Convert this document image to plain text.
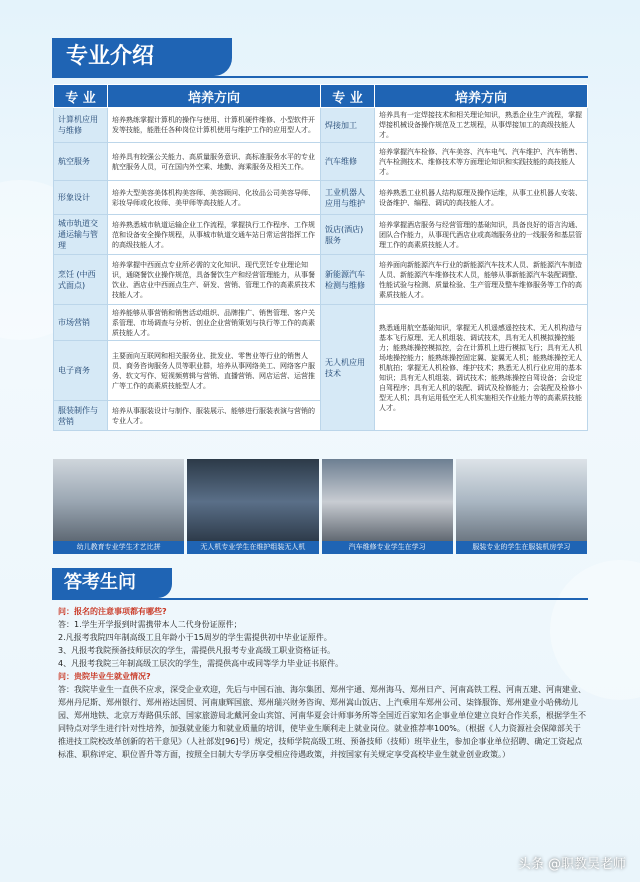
专业介绍
专 业	培养方向	专 业	培养方向
计算机应用与维修	培养熟练掌握计算机的操作与使用、计算机硬件维修、小型软件开发等技能，能胜任各种岗位计算机使用与维护工作的应用型人才。	焊接加工	培养具有一定焊接技术和相关理论知识，熟悉企业生产流程，掌握焊接机械设备操作规范及工艺规程，从事焊接加工的高级技能人才。
航空服务	培养具有较强公关能力、高质量服务意识、高标准服务水平的专业航空服务人员，可在国内外空乘、地勤、海乘服务及相关工作。	汽车维修	培养掌握汽车检修、汽车美容、汽车电气、汽车维护、汽车销售、汽车检测技术、维修技术等方面理论知识和实践技能的高技能人才。
形象设计	培养大型美容美体机构美容师、美容顾问、化妆品公司美容导师、彩妆导师或化妆师、美甲师等高技能人才。	工业机器人应用与维护	培养熟悉工业机器人结构原理及操作运维，从事工业机器人安装、设备维护、编程、调试的高技能人才。
城市轨道交通运输与管理	培养熟悉城市轨道运输企业工作流程，掌握执行工作程序、工作规范和设备安全操作规程，从事城市轨道交通车站日常运营指挥工作的高级技能人才。	饭店(酒店)服务	培养掌握酒店服务与经营管理的基础知识，具备良好的语言沟通、团队合作能力，从事现代酒店业或高端服务业的一线服务和基层管理工作的高素质技能人才。
烹饪 (中西式面点)	培养掌握中西面点专业所必需的文化知识、现代烹饪专业理论知识，通晓餐饮业操作规范，具备餐饮生产和经营管理能力，从事餐饮业、酒店业中西面点生产、研发、营销、管理工作的高素质技术技能人才。	新能源汽车检测与维修	培养面向新能源汽车行业的新能源汽车技术人员、新能源汽车制造人员、新能源汽车维修技术人员，能够从事新能源汽车装配调整、性能试验与检测、质量检验、生产管理及整车维修服务等工作的高素质技能人才。
市场营销	培养能够从事营销和销售活动组织、品牌推广、销售管理、客户关系管理、市场调查与分析、创业企业营销策划与执行等工作的高素质技能人才。	无人机应用技术	熟悉通用航空基础知识，掌握无人机遥感遥控技术、无人机构造与基本飞行原理、无人机组装、调试技术，具有无人机模拟操控能力；能熟练操控模拟控，会在计算机上进行模拟飞行；具有无人机场地操控能力；能熟练操控固定翼、旋翼无人机；能熟练操控无人机航拍；掌握无人机检修、维护技术；熟悉无人机行业应用的基本知识；具有无人机组装、调试技术；能熟练操控自驾设备；会设定自驾程序；具有无人机的装配、调试及检修能力；会装配及检修小型无人机；具有运用低空无人机实施相关作业能力等的高素质技能人才。
电子商务	主要面向互联网和相关服务业、批发业、零售业等行业的销售人员、商务咨询服务人员等职业群，培养从事网络美工、网络客户服务、软文写作、短视频剪辑与营销、直播营销、网店运营、运营推广等工作的高素质技能型人才。		
服装制作与营销	培养从事服装设计与制作、服装展示、能够进行服装表演与营销的专业人才。		
幼儿教育专业学生才艺比拼	无人机专业学生在维护组装无人机	汽车维修专业学生在学习	服装专业的学生在服装机房学习
答考生问

问：报名的注意事项都有哪些?

答：1.学生开学报到时需携带本人二代身份证原件；

2.凡报考我院四年制高级工且年龄小于15周岁的学生需提供初中毕业证原件。

3、凡报考我院预备技师层次的学生，需提供凡报考专业高级工职业资格证书。

4、凡报考我院三年制高级工层次的学生，需提供高中或同等学力毕业证书原件。

问：贵院毕业生就业情况?

答：我院毕业生一直供不应求，深受企业欢迎，先后与中国石油、海尔集团、郑州宇通、郑州海马、郑州日产、河南高铁工程、河南五建、河南建业、郑州丹尼斯、郑州银行、郑州裕达国贸、河南康辉国旅、郑州瑞兴财务咨询、郑州嵩山饭店、上汽乘用车郑州公司、柒锋服饰、郑州建业小哈佛幼儿园、郑州地铁、北京万寿路俱乐部、国家旅游局北戴河金山宾馆、河南华夏会计师事务所等全国近百家知名企事业单位建立良好合作关系，根据学生不同特点对学生进行针对性培养，加强就业能力和就业质量的培训，使毕业生顺利走上就业岗位。就业推荐率100%。（根据《人力资源社会保障部关于推进技工院校改革创新的若干意见》（人社部发[96]号）规定，技师学院高级工班、预备技师（技师）班毕业生，参加企事业单位招聘、确定工资起点标准、职称评定、职位晋升等方面，按照全日制大专学历享受相应待遇政策，并按国家有关规定享受高校毕业生就业创业政策。）

头条 @职教吴老师
